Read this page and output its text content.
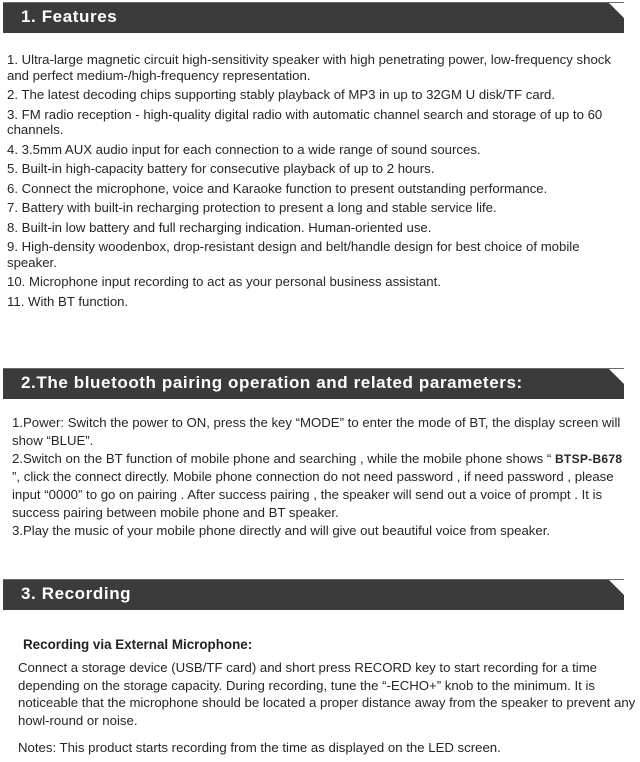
1. Features
1. Ultra-large magnetic circuit high-sensitivity speaker with high penetrating power, low-frequency shock and perfect medium-/high-frequency representation.
2. The latest decoding chips supporting stably playback of MP3 in up to 32GM U disk/TF card.
3. FM radio reception - high-quality digital radio with automatic channel search and storage of up to 60 channels.
4. 3.5mm AUX audio input for each connection to a wide range of sound sources.
5. Built-in high-capacity battery for consecutive playback of up to 2 hours.
6. Connect the microphone, voice and Karaoke function to present outstanding performance.
7. Battery with built-in recharging protection to present a long and stable service life.
8. Built-in low battery and full recharging indication. Human-oriented use.
9. High-density woodenbox, drop-resistant design and belt/handle design for best choice of mobile speaker.
10. Microphone input recording to act as your personal business assistant.
11. With BT function.
2.The bluetooth pairing operation and related parameters:

1.Power: Switch the power to ON, press the key “MODE” to enter the mode of BT, the display screen will show “BLUE”.

2.Switch on the BT function of mobile phone and searching , while the mobile phone shows “ BTSP-B678 ”, click the connect directly. Mobile phone connection do not need password , if need password , please input “0000” to go on pairing . After success pairing , the speaker will send out a voice of prompt . It is success pairing between mobile phone and BT speaker.

3.Play the music of your mobile phone directly and will give out beautiful voice from speaker.

3. Recording
Recording via External Microphone:

Connect a storage device (USB/TF card) and short press RECORD key to start recording for a time depending on the storage capacity. During recording, tune the “-ECHO+” knob to the minimum. It is noticeable that the microphone should be located a proper distance away from the speaker to prevent any howl-round or noise.

Notes: This product starts recording from the time as displayed on the LED screen.
